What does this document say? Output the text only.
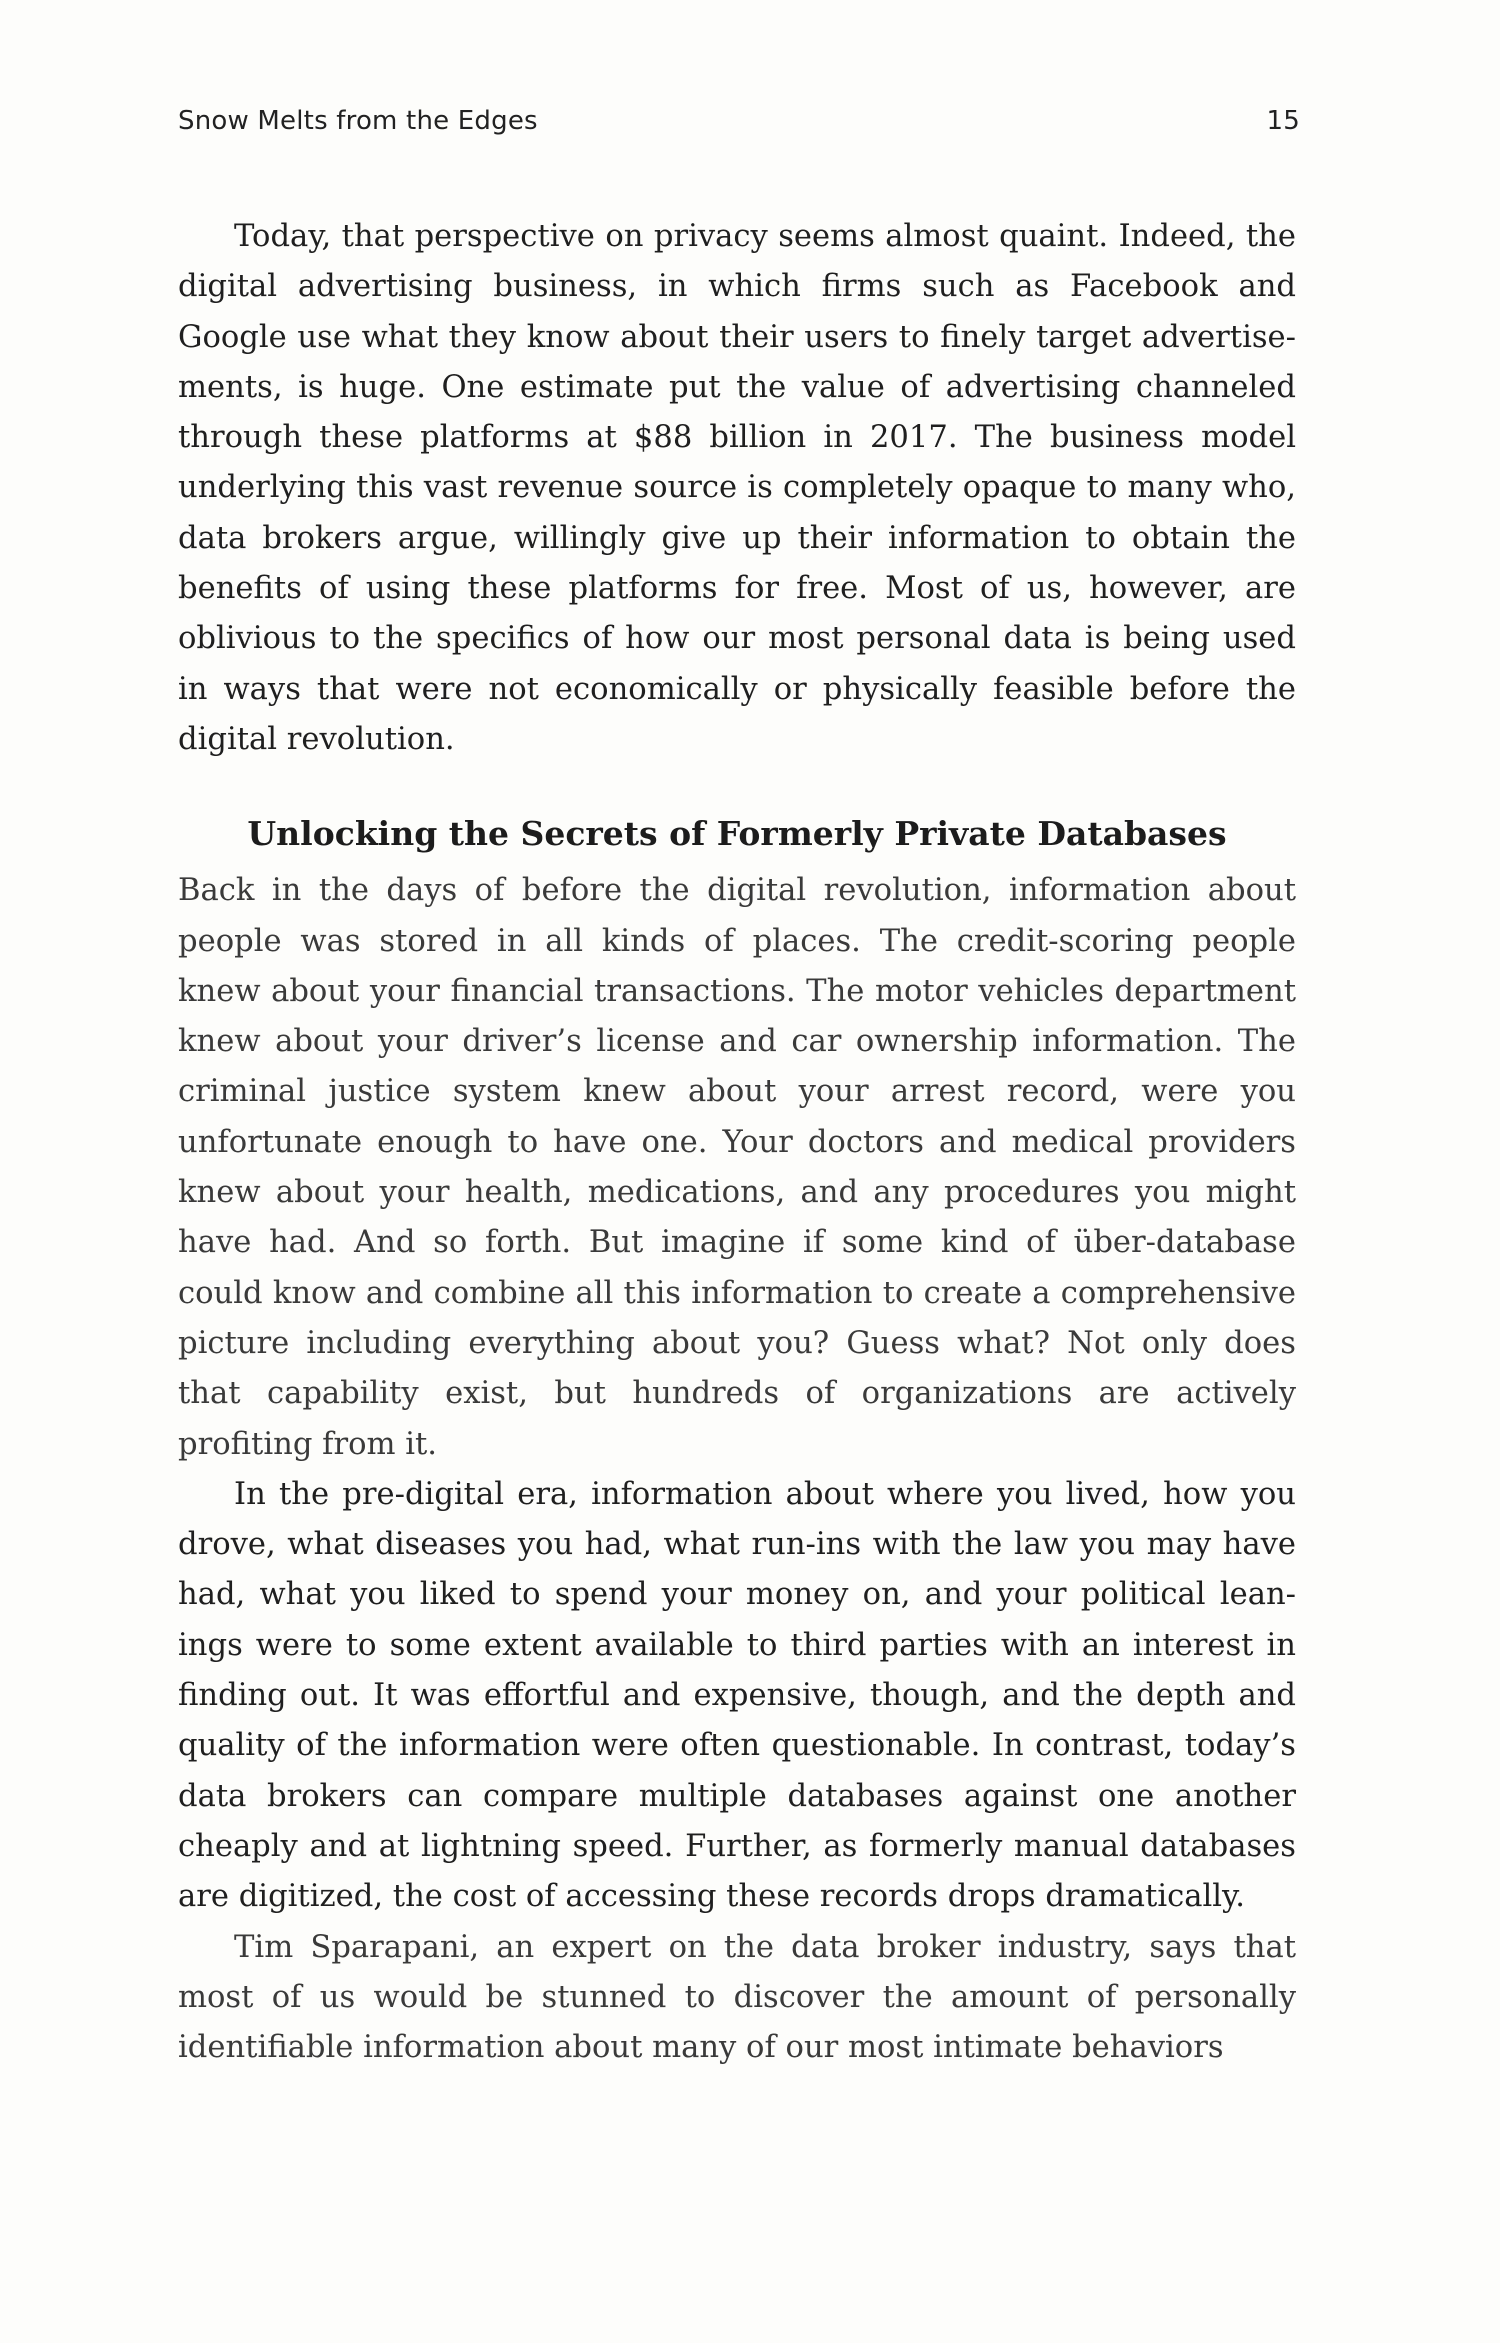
Snow Melts from the Edges	15

Today, that perspective on privacy seems almost quaint. Indeed, the digital advertising business, in which firms such as Facebook and Google use what they know about their users to finely target advertisements, is huge. One estimate put the value of advertising channeled through these platforms at $88 billion in 2017. The business model underlying this vast revenue source is completely opaque to many who, data brokers argue, willingly give up their information to obtain the benefits of using these platforms for free. Most of us, however, are oblivious to the specifics of how our most personal data is being used in ways that were not economically or physically feasible before the digital revolution.

Unlocking the Secrets of Formerly Private Databases

Back in the days of before the digital revolution, information about people was stored in all kinds of places. The credit-scoring people knew about your financial transactions. The motor vehicles department knew about your driver’s license and car ownership information. The criminal justice system knew about your arrest record, were you unfortunate enough to have one. Your doctors and medical providers knew about your health, medications, and any procedures you might have had. And so forth. But imagine if some kind of über-database could know and combine all this information to create a comprehensive picture including everything about you? Guess what? Not only does that capability exist, but hundreds of organizations are actively profiting from it.

In the pre-digital era, information about where you lived, how you drove, what diseases you had, what run-ins with the law you may have had, what you liked to spend your money on, and your political leanings were to some extent available to third parties with an interest in finding out. It was effortful and expensive, though, and the depth and quality of the information were often questionable. In contrast, today’s data brokers can compare multiple databases against one another cheaply and at lightning speed. Further, as formerly manual databases are digitized, the cost of accessing these records drops dramatically.

Tim Sparapani, an expert on the data broker industry, says that most of us would be stunned to discover the amount of personally identifiable information about many of our most intimate behaviors
